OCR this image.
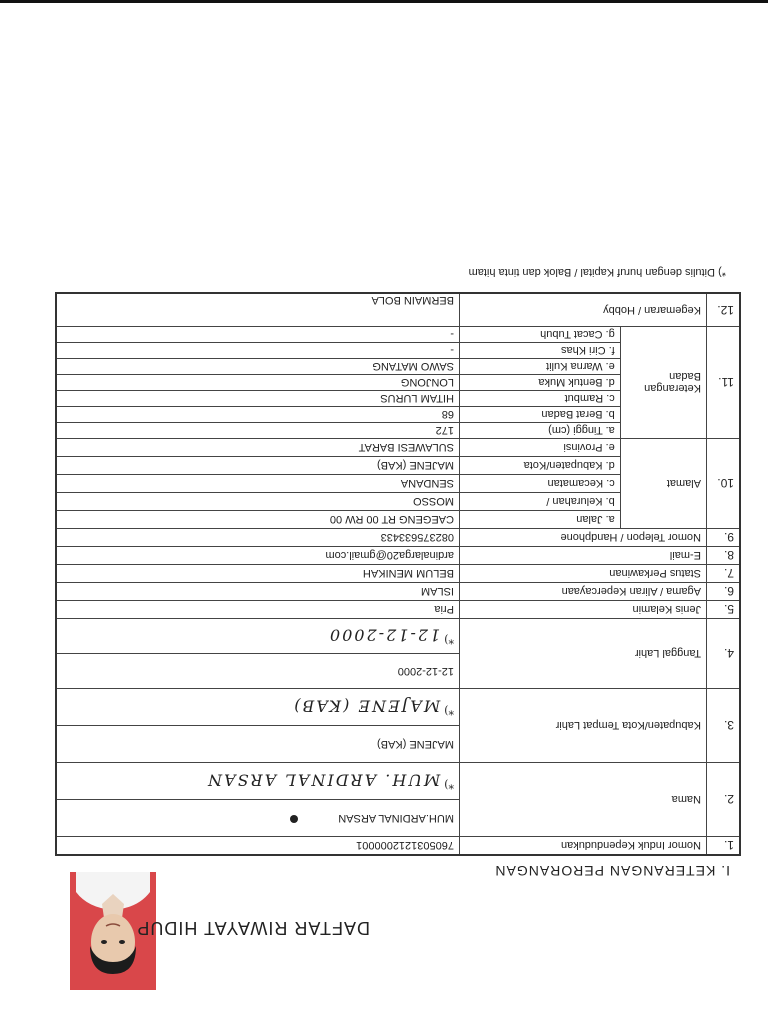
DAFTAR RIWAYAT HIDUP
I. KETERANGAN PERORANGAN
1.	Nomor Induk Kependudukan		7605031212000001
2.	Nama		MUH.ARDINAL ARSAN
			*)MUH. ARDINAL ARSAN
3.	Kabupaten/Kota Tempat Lahir		MAJENE (KAB)
			*)MAJENE (KAB)
4.	Tanggal Lahir		12-12-2000
			*)12-12-2000
5.	Jenis Kelamin		Pria
6.	Agama / Aliran Kepercayaan		ISLAM
7.	Status Perkawinan		BELUM MENIKAH
8.	E-mail		ardinalarga20@gmail.com
9.	Nomor Telepon / Handphone		082375633433
10.	Alamat	a. Jalan	CAEGENG RT 00 RW 00
		b. Kelurahan /	MOSSO
		c. Kecamatan	SENDANA
		d. Kabupaten/Kota	MAJENE (KAB)
		e. Provinsi	SULAWESI BARAT
11.	Keterangan Badan	a. Tinggi (cm)	172
		b. Berat Badan	68
		c. Rambut	HITAM LURUS
		d. Bentuk Muka	LONJONG
		e. Warna Kulit	SAWO MATANG
		f. Ciri Khas	-
		g. Cacat Tubuh	-
12.	Kegemaran / Hobby		BERMAIN BOLA
*) Ditulis dengan huruf Kapital / Balok dan tinta hitam
